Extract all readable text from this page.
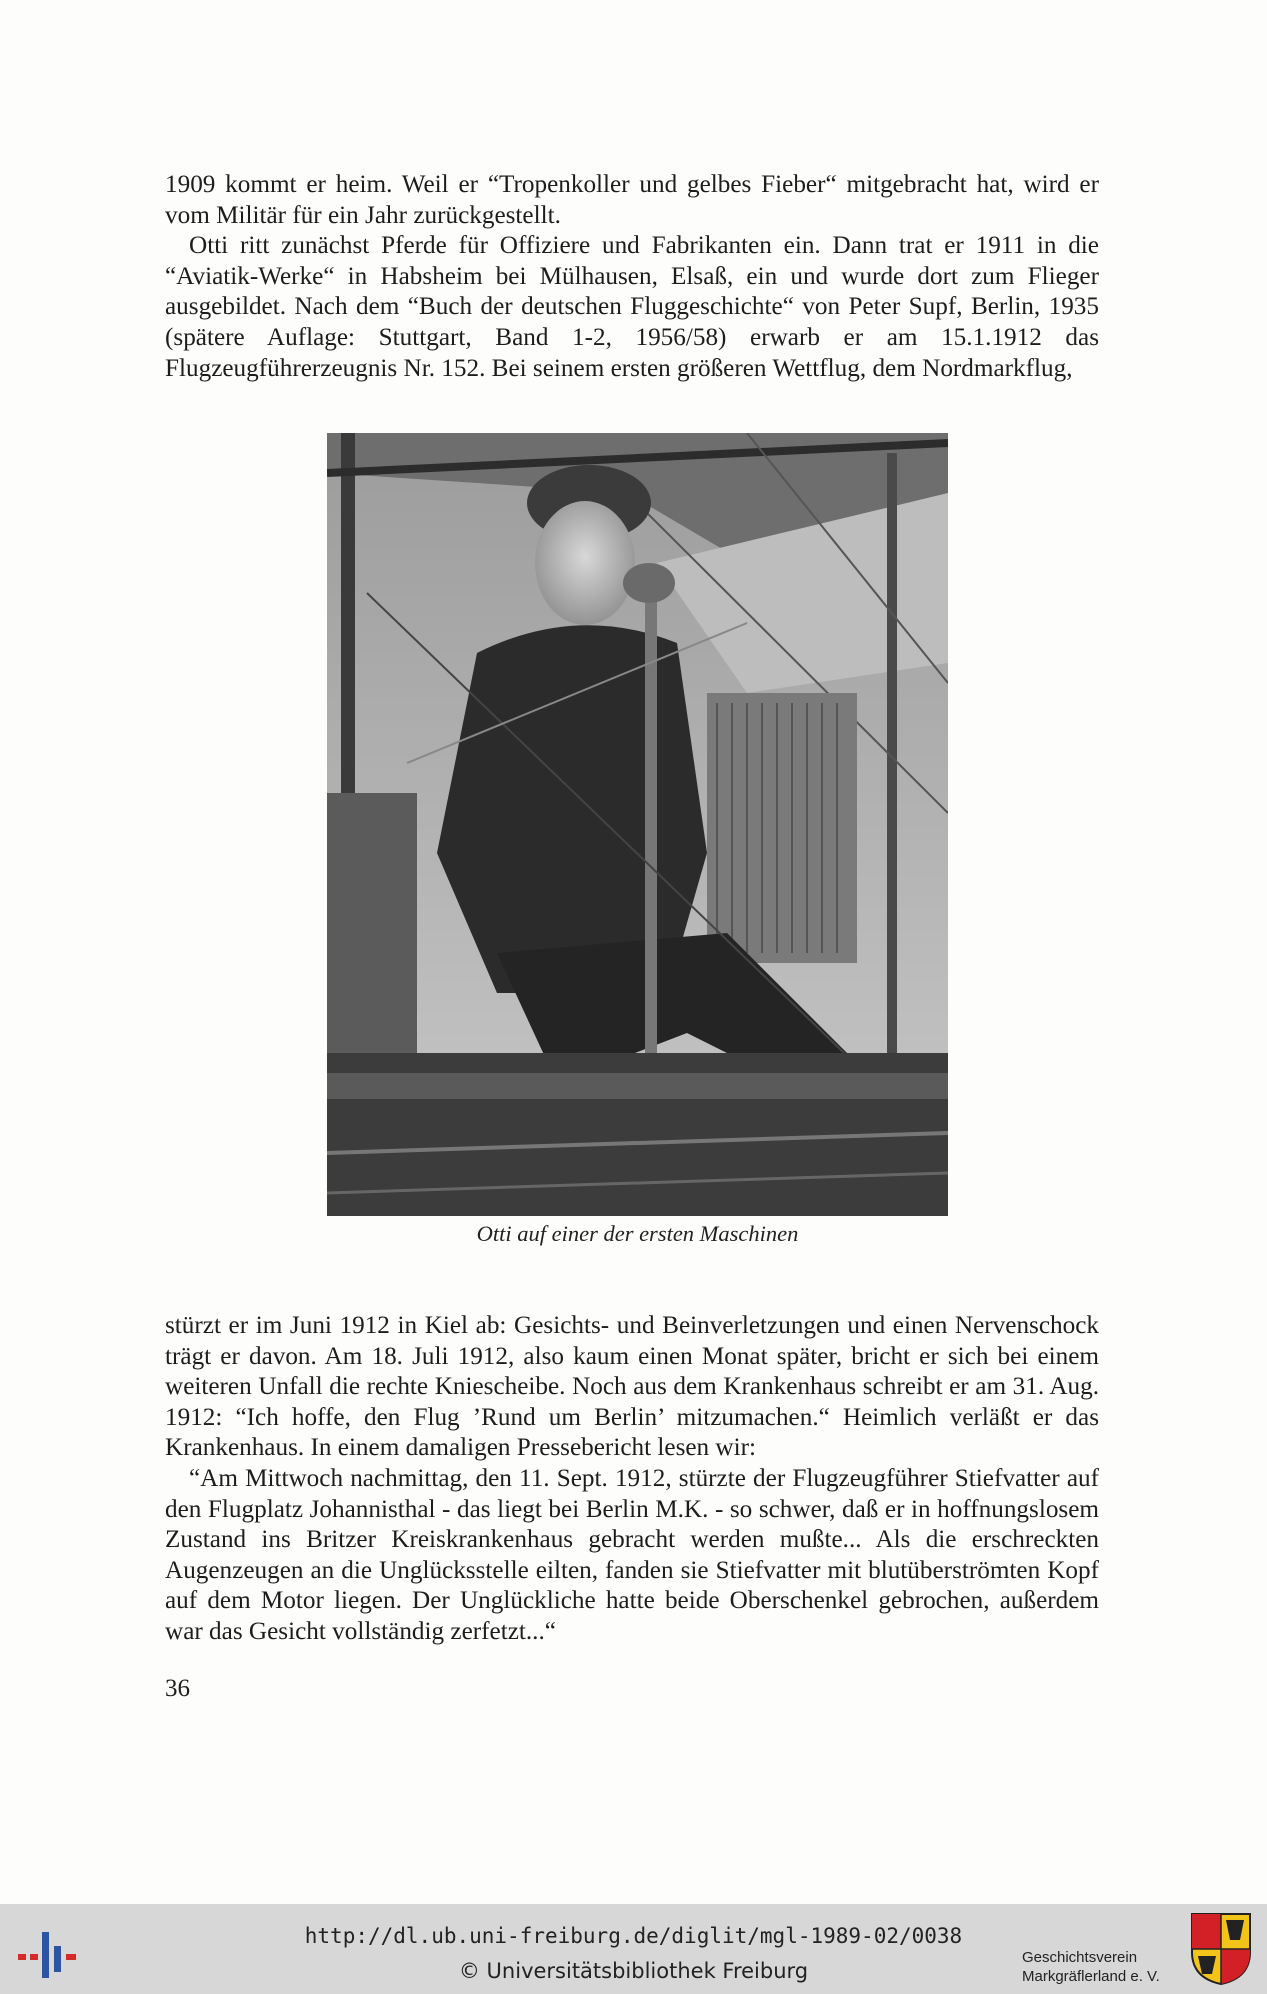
1909 kommt er heim. Weil er “Tropenkoller und gelbes Fieber“ mitgebracht hat, wird er vom Militär für ein Jahr zurückgestellt.

Otti ritt zunächst Pferde für Offiziere und Fabrikanten ein. Dann trat er 1911 in die “Aviatik-Werke“ in Habsheim bei Mülhausen, Elsaß, ein und wurde dort zum Flieger ausgebildet. Nach dem “Buch der deutschen Fluggeschichte“ von Peter Supf, Berlin, 1935 (spätere Auflage: Stuttgart, Band 1-2, 1956/58) erwarb er am 15.1.1912 das Flugzeugführerzeugnis Nr. 152. Bei seinem ersten größeren Wettflug, dem Nordmarkflug,

Otti auf einer der ersten Maschinen

stürzt er im Juni 1912 in Kiel ab: Gesichts- und Beinverletzungen und einen Nervenschock trägt er davon. Am 18. Juli 1912, also kaum einen Monat später, bricht er sich bei einem weiteren Unfall die rechte Kniescheibe. Noch aus dem Krankenhaus schreibt er am 31. Aug. 1912: “Ich hoffe, den Flug ’Rund um Berlin’ mitzumachen.“ Heimlich verläßt er das Krankenhaus. In einem damaligen Pressebericht lesen wir:

“Am Mittwoch nachmittag, den 11. Sept. 1912, stürzte der Flugzeugführer Stiefvatter auf den Flugplatz Johannisthal - das liegt bei Berlin M.K. - so schwer, daß er in hoffnungslosem Zustand ins Britzer Kreiskrankenhaus gebracht werden mußte... Als die erschreckten Augenzeugen an die Unglücksstelle eilten, fanden sie Stiefvatter mit blutüberströmten Kopf auf dem Motor liegen. Der Unglückliche hatte beide Oberschenkel gebrochen, außerdem war das Gesicht vollständig zerfetzt...“

36
http://dl.ub.uni-freiburg.de/diglit/mgl-1989-02/0038
© Universitätsbibliothek Freiburg
Geschichtsverein
Markgräflerland e. V.
